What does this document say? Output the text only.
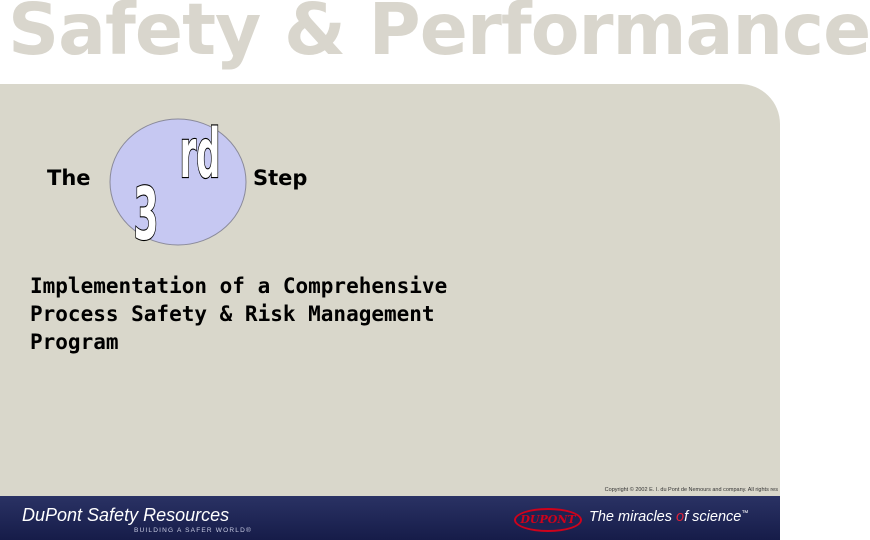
Safety & Performance
The 3
rd Step
Implementation of a Comprehensive Process Safety & Risk Management Program
Copyright © 2002 E. I. du Pont de Nemours and company. All rights res
DuPont Safety Resources
BUILDING A SAFER WORLD®
DUPONT The miracles of science™
